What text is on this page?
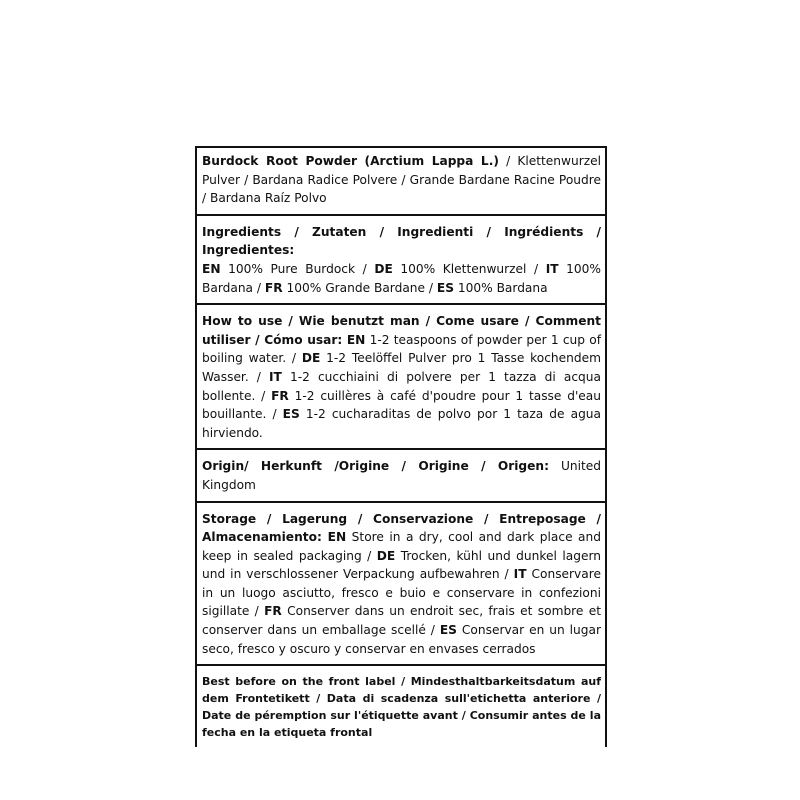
Burdock Root Powder (Arctium Lappa L.) / Klettenwurzel Pulver / Bardana Radice Polvere / Grande Bardane Racine Poudre / Bardana Raíz Polvo
Ingredients / Zutaten / Ingredienti / Ingrédients / Ingredientes:
EN 100% Pure Burdock / DE 100% Klettenwurzel / IT 100% Bardana / FR 100% Grande Bardane / ES 100% Bardana
How to use / Wie benutzt man / Come usare / Comment utiliser / Cómo usar: EN 1-2 teaspoons of powder per 1 cup of boiling water. / DE 1-2 Teelöffel Pulver pro 1 Tasse kochendem Wasser. / IT 1-2 cucchiaini di polvere per 1 tazza di acqua bollente. / FR 1-2 cuillères à café d'poudre pour 1 tasse d'eau bouillante. / ES 1-2 cucharaditas de polvo por 1 taza de agua hirviendo.
Origin/ Herkunft /Origine / Origine / Origen: United Kingdom
Storage / Lagerung / Conservazione / Entreposage / Almacenamiento: EN Store in a dry, cool and dark place and keep in sealed packaging / DE Trocken, kühl und dunkel lagern und in verschlossener Verpackung aufbewahren / IT Conservare in un luogo asciutto, fresco e buio e conservare in confezioni sigillate / FR Conserver dans un endroit sec, frais et sombre et conserver dans un emballage scellé / ES Conservar en un lugar seco, fresco y oscuro y conservar en envases cerrados
Best before on the front label / Mindesthaltbarkeitsdatum auf dem Frontetikett / Data di scadenza sull'etichetta anteriore / Date de péremption sur l'étiquette avant / Consumir antes de la fecha en la etiqueta frontal
